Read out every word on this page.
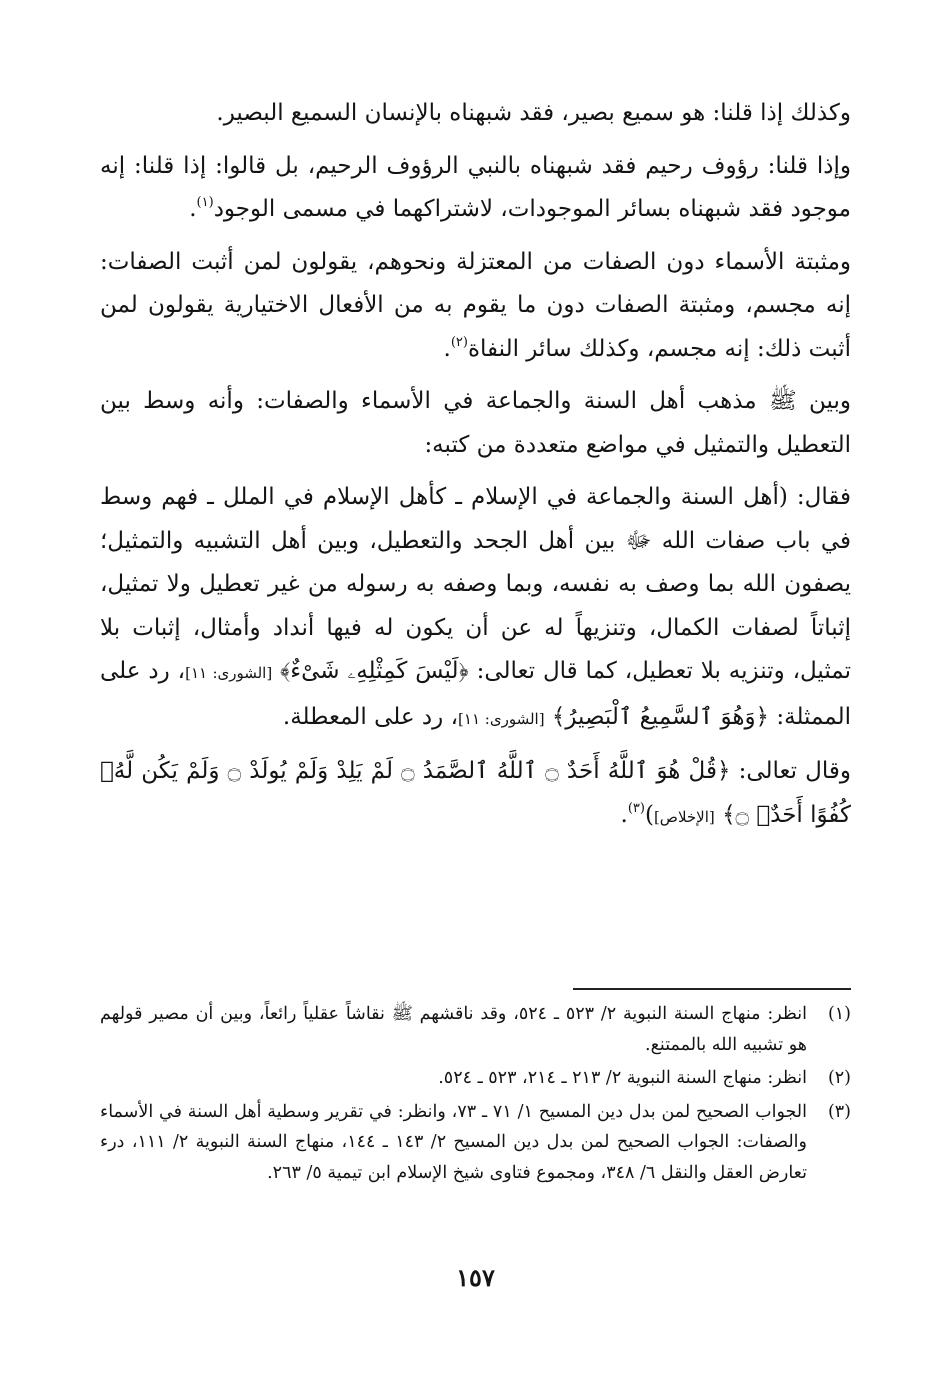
وكذلك إذا قلنا: هو سميع بصير، فقد شبهناه بالإنسان السميع البصير.

وإذا قلنا: رؤوف رحيم فقد شبهناه بالنبي الرؤوف الرحيم، بل قالوا: إذا قلنا: إنه موجود فقد شبهناه بسائر الموجودات، لاشتراكهما في مسمى الوجود$^{(١)}$.

ومثبتة الأسماء دون الصفات من المعتزلة ونحوهم، يقولون لمن أثبت الصفات: إنه مجسم، ومثبتة الصفات دون ما يقوم به من الأفعال الاختيارية يقولون لمن أثبت ذلك: إنه مجسم، وكذلك سائر النفاة$^{(٢)}$.

وبين ﷺ مذهب أهل السنة والجماعة في الأسماء والصفات: وأنه وسط بين التعطيل والتمثيل في مواضع متعددة من كتبه:

فقال: (أهل السنة والجماعة في الإسلام ـ كأهل الإسلام في الملل ـ فهم وسط في باب صفات الله ﷻ بين أهل الجحد والتعطيل، وبين أهل التشبيه والتمثيل؛ يصفون الله بما وصف به نفسه، وبما وصفه به رسوله من غير تعطيل ولا تمثيل، إثباتاً لصفات الكمال، وتنزيهاً له عن أن يكون له فيها أنداد وأمثال، إثبات بلا تمثيل، وتنزيه بلا تعطيل، كما قال تعالى: ﴿لَيْسَ كَمِثْلِهِۦ شَىْءٌ﴾ [الشورى: ١١]، رد على الممثلة: ﴿وَهُوَ ٱلسَّمِيعُ ٱلْبَصِيرُ﴾ [الشورى: ١١]، رد على المعطلة.

وقال تعالى: ﴿قُلْ هُوَ ٱللَّهُ أَحَدٌ ۝ ٱللَّهُ ٱلصَّمَدُ ۝ لَمْ يَلِدْ وَلَمْ يُولَدْ ۝ وَلَمْ يَكُن لَّهُۥ كُفُوًا أَحَدٌۢ ۝﴾ [الإخلاص])$^{(٣)}$.

(١)
انظر: منهاج السنة النبوية ٢/ ٥٢٣ ـ ٥٢٤، وقد ناقشهم ﷺ نقاشاً عقلياً رائعاً، وبين أن مصير قولهم هو تشبيه الله بالممتنع.
(٢)
انظر: منهاج السنة النبوية ٢/ ٢١٣ ـ ٢١٤، ٥٢٣ ـ ٥٢٤.
(٣)
الجواب الصحيح لمن بدل دين المسيح ١/ ٧١ ـ ٧٣، وانظر: في تقرير وسطية أهل السنة في الأسماء والصفات: الجواب الصحيح لمن بدل دين المسيح ٢/ ١٤٣ ـ ١٤٤، منهاج السنة النبوية ٢/ ١١١، درء تعارض العقل والنقل ٦/ ٣٤٨، ومجموع فتاوى شيخ الإسلام ابن تيمية ٥/ ٢٦٣.
١٥٧
